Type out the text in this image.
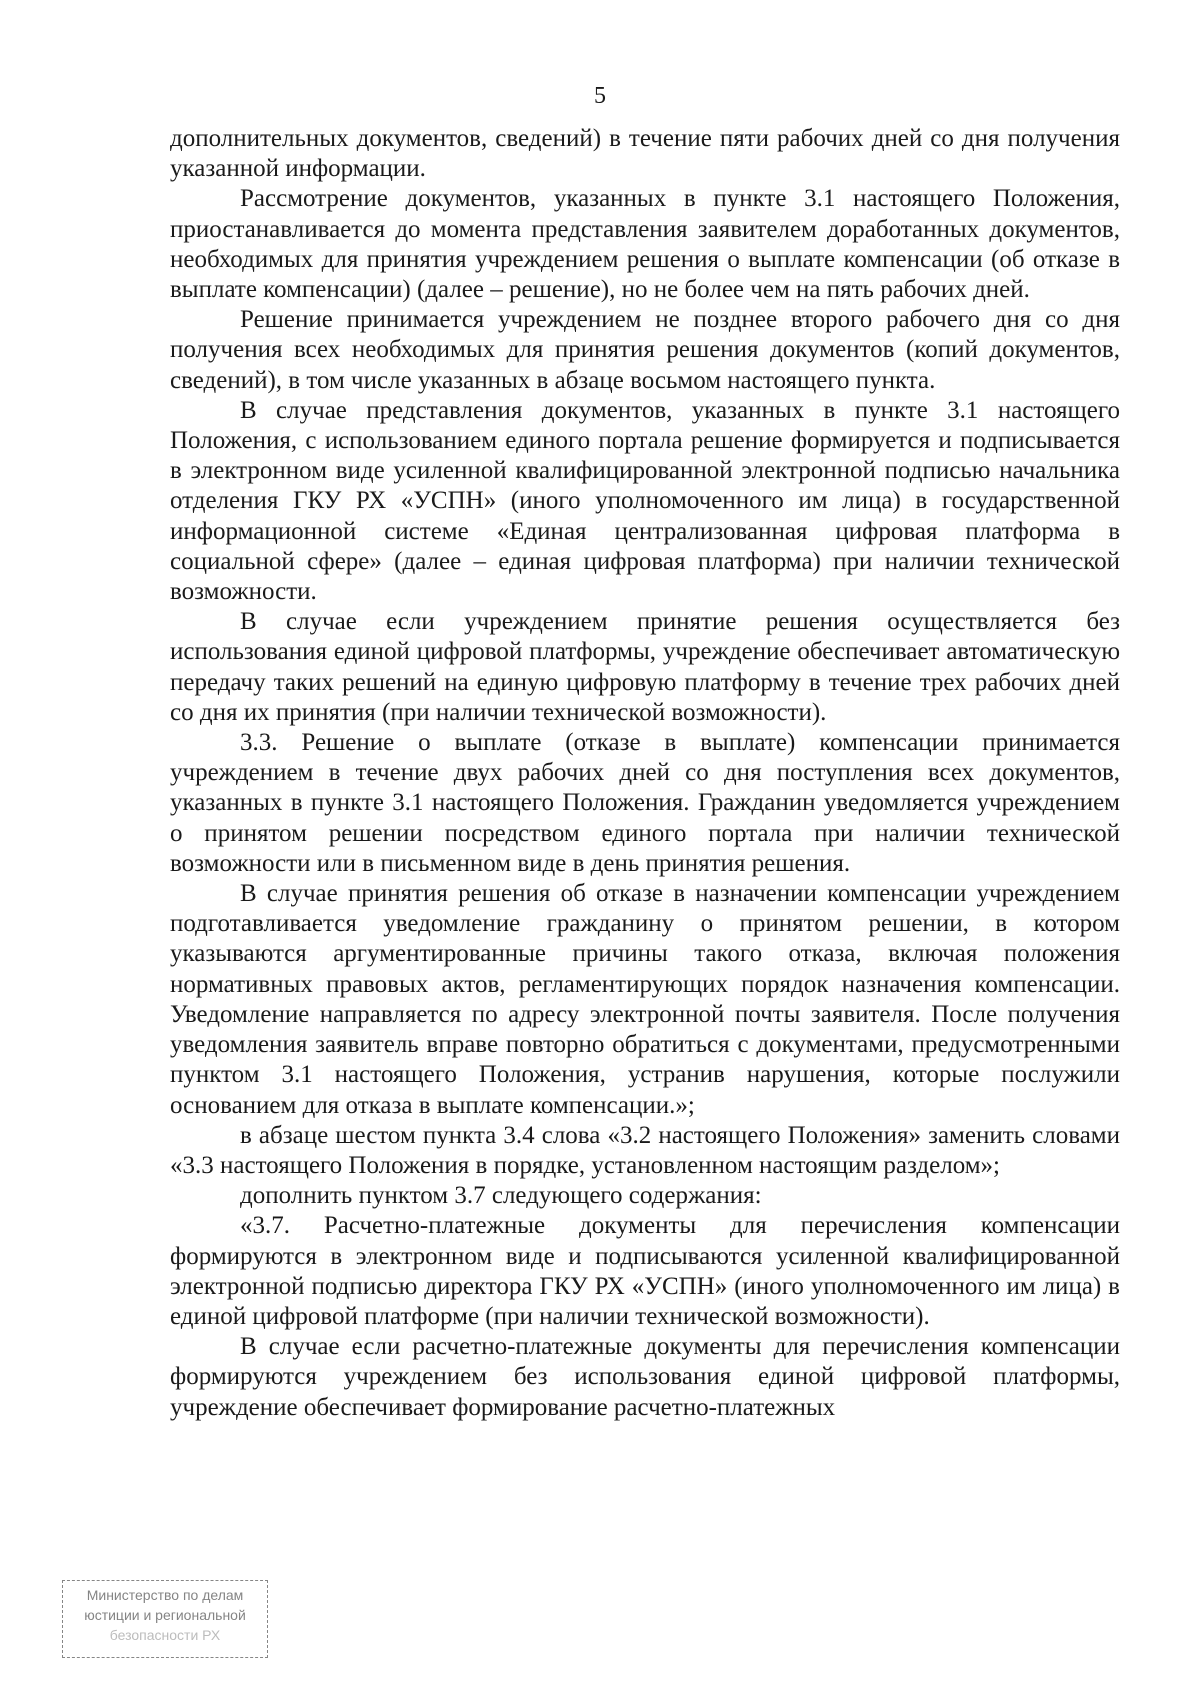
5

дополнительных документов, сведений) в течение пяти рабочих дней со дня получения указанной информации.

Рассмотрение документов, указанных в пункте 3.1 настоящего Положения, приостанавливается до момента представления заявителем доработанных документов, необходимых для принятия учреждением решения о выплате компенсации (об отказе в выплате компенсации) (далее – решение), но не более чем на пять рабочих дней.

Решение принимается учреждением не позднее второго рабочего дня со дня получения всех необходимых для принятия решения документов (копий документов, сведений), в том числе указанных в абзаце восьмом настоящего пункта.

В случае представления документов, указанных в пункте 3.1 настоящего Положения, с использованием единого портала решение формируется и подписывается в электронном виде усиленной квалифицированной электронной подписью начальника отделения ГКУ РХ «УСПН» (иного уполномоченного им лица) в государственной информационной системе «Единая централизованная цифровая платформа в социальной сфере» (далее – единая цифровая платформа) при наличии технической возможности.

В случае если учреждением принятие решения осуществляется без использования единой цифровой платформы, учреждение обеспечивает автоматическую передачу таких решений на единую цифровую платформу в течение трех рабочих дней со дня их принятия (при наличии технической возможности).

3.3. Решение о выплате (отказе в выплате) компенсации принимается учреждением в течение двух рабочих дней со дня поступления всех документов, указанных в пункте 3.1 настоящего Положения. Гражданин уведомляется учреждением о принятом решении посредством единого портала при наличии технической возможности или в письменном виде в день принятия решения.

В случае принятия решения об отказе в назначении компенсации учреждением подготавливается уведомление гражданину о принятом решении, в котором указываются аргументированные причины такого отказа, включая положения нормативных правовых актов, регламентирующих порядок назначения компенсации. Уведомление направляется по адресу электронной почты заявителя. После получения уведомления заявитель вправе повторно обратиться с документами, предусмотренными пунктом 3.1 настоящего Положения, устранив нарушения, которые послужили основанием для отказа в выплате компенсации.»;

в абзаце шестом пункта 3.4 слова «3.2 настоящего Положения» заменить словами «3.3 настоящего Положения в порядке, установленном настоящим разделом»;

дополнить пунктом 3.7 следующего содержания:

«3.7. Расчетно-платежные документы для перечисления компенсации формируются в электронном виде и подписываются усиленной квалифицированной электронной подписью директора ГКУ РХ «УСПН» (иного уполномоченного им лица) в единой цифровой платформе (при наличии технической возможности).

В случае если расчетно-платежные документы для перечисления компенсации формируются учреждением без использования единой цифровой платформы, учреждение обеспечивает формирование расчетно-платежных

Министерство по делам
юстиции и региональной
безопасности РХ
